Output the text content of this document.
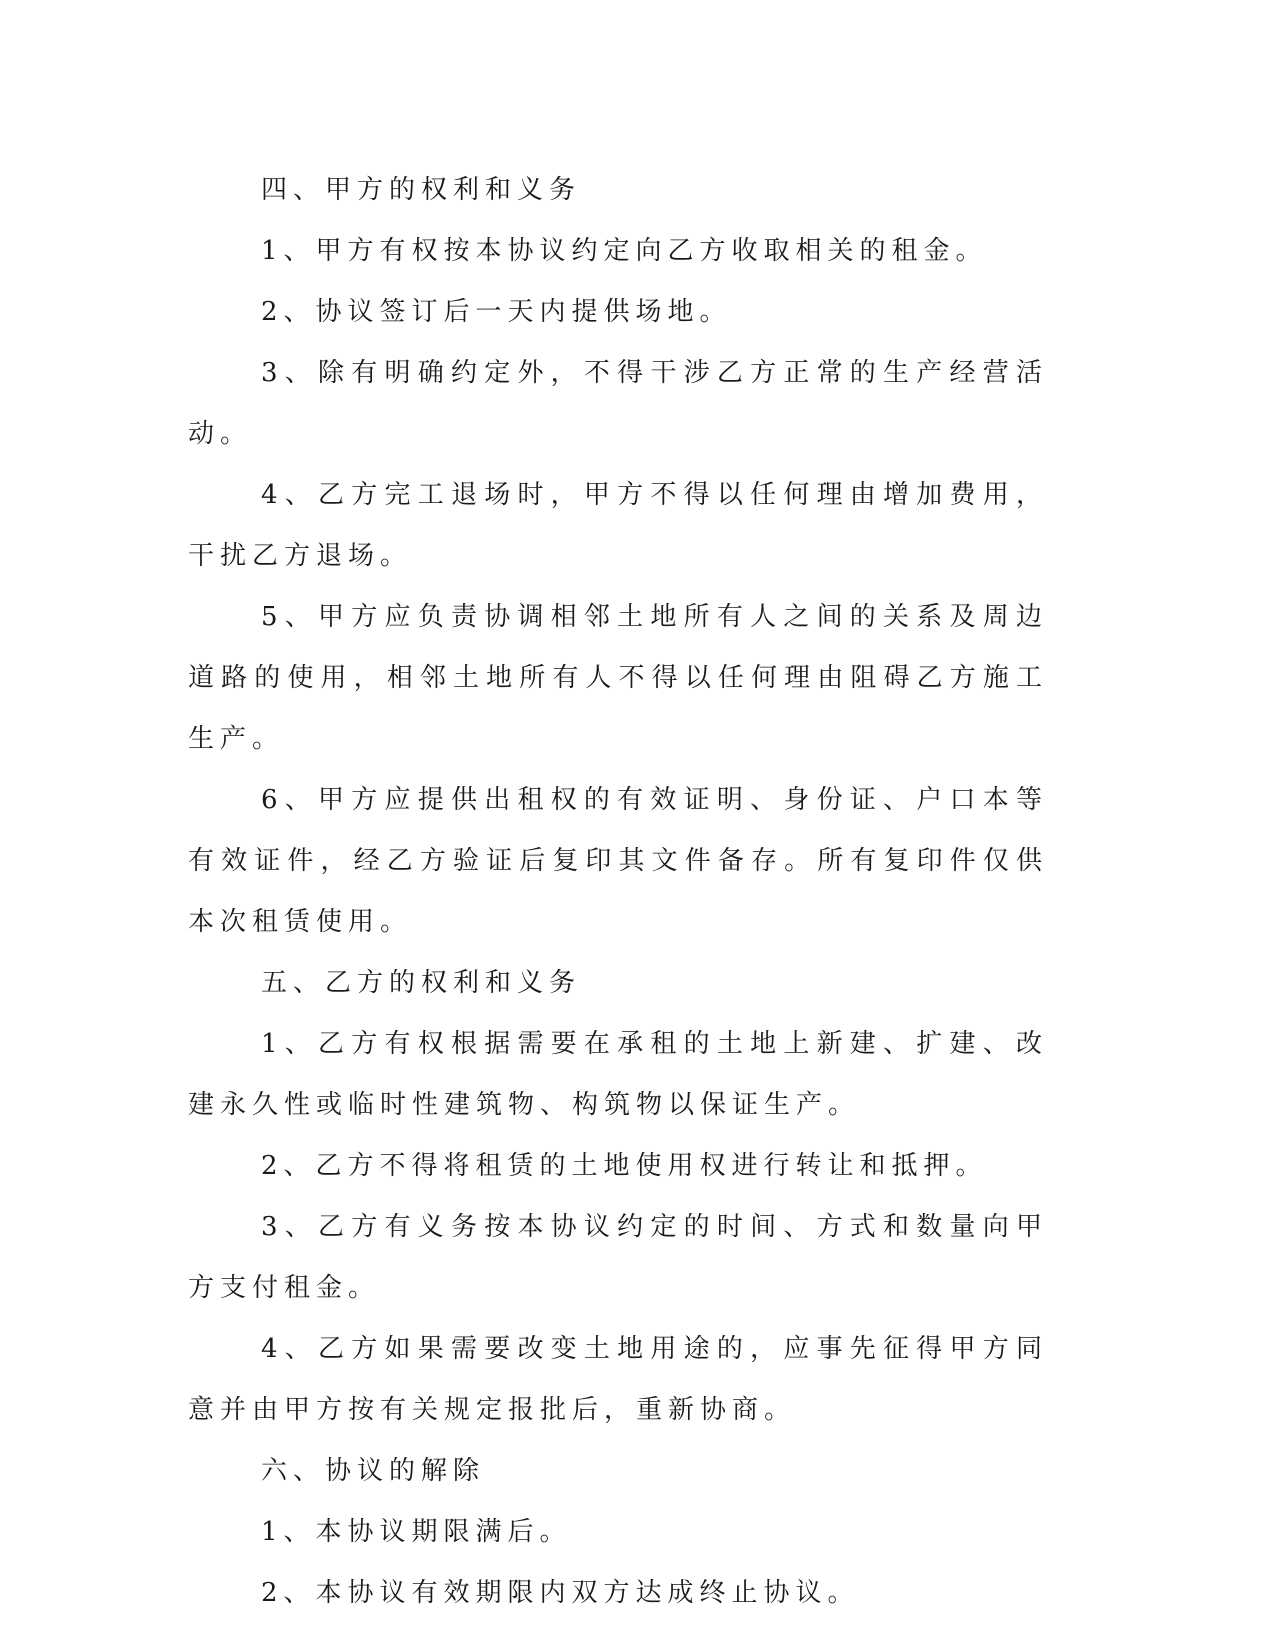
四、甲方的权利和义务

1、甲方有权按本协议约定向乙方收取相关的租金。

2、协议签订后一天内提供场地。

3、除有明确约定外，不得干涉乙方正常的生产经营活动。

4、乙方完工退场时，甲方不得以任何理由增加费用，干扰乙方退场。

5、甲方应负责协调相邻土地所有人之间的关系及周边道路的使用，相邻土地所有人不得以任何理由阻碍乙方施工生产。

6、甲方应提供出租权的有效证明、身份证、户口本等有效证件，经乙方验证后复印其文件备存。所有复印件仅供本次租赁使用。

五、乙方的权利和义务

1、乙方有权根据需要在承租的土地上新建、扩建、改建永久性或临时性建筑物、构筑物以保证生产。

2、乙方不得将租赁的土地使用权进行转让和抵押。

3、乙方有义务按本协议约定的时间、方式和数量向甲方支付租金。

4、乙方如果需要改变土地用途的，应事先征得甲方同意并由甲方按有关规定报批后，重新协商。

六、协议的解除

1、本协议期限满后。

2、本协议有效期限内双方达成终止协议。
